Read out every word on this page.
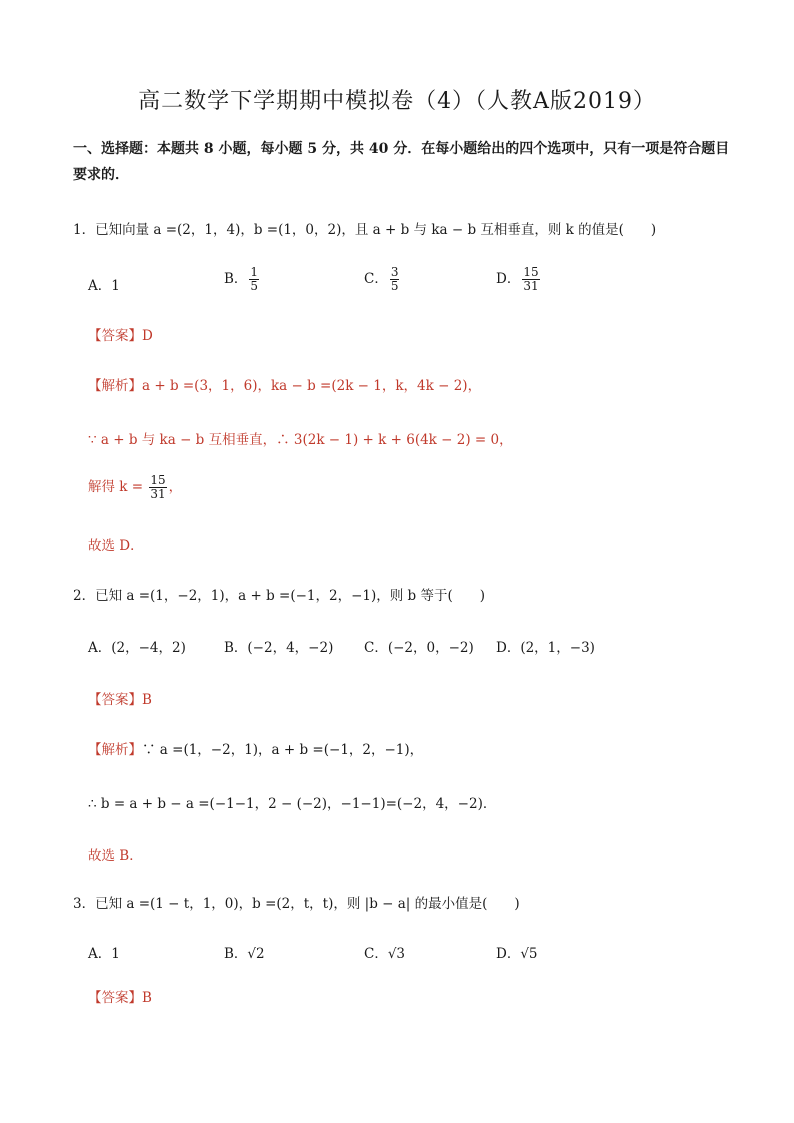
高二数学下学期期中模拟卷（4）（人教A版2019）
一、选择题：本题共 8 小题，每小题 5 分，共 40 分．在每小题给出的四个选项中，只有一项是符合题目要求的．
1．已知向量 a =(2，1，4)，b =(1，0，2)，且 a + b 与 ka − b 互相垂直，则 k 的值是(　　)
A．1	B． $\frac{1}{5}$	C． $\frac{3}{5}$	D． $\frac{15}{31}$
【答案】D
【解析】a + b =(3，1，6)，ka − b =(2k − 1，k，4k − 2)，
∵ a + b 与 ka − b 互相垂直，∴ 3(2k − 1) + k + 6(4k − 2) = 0，
解得 $k = \frac{15}{31}$ ，
故选 D．
2．已知 a =(1，−2，1)，a + b =(−1，2，−1)，则 b 等于(　　)
A．(2，−4，2)	B．(−2，4，−2) C．(−2，0，−2) D．(2，1，−3)
【答案】B
【解析】∵ a =(1，−2，1)，a + b =(−1，2，−1)，
∴ b = a + b − a =(−1−1，2 − (−2)，−1−1)=(−2，4，−2)．
故选 B．
3．已知 a =(1 − t，1，0)，b =(2，t，t)，则 |b − a| 的最小值是(　　)
A．1	B．√2	C．√3	D．√5
【答案】B
